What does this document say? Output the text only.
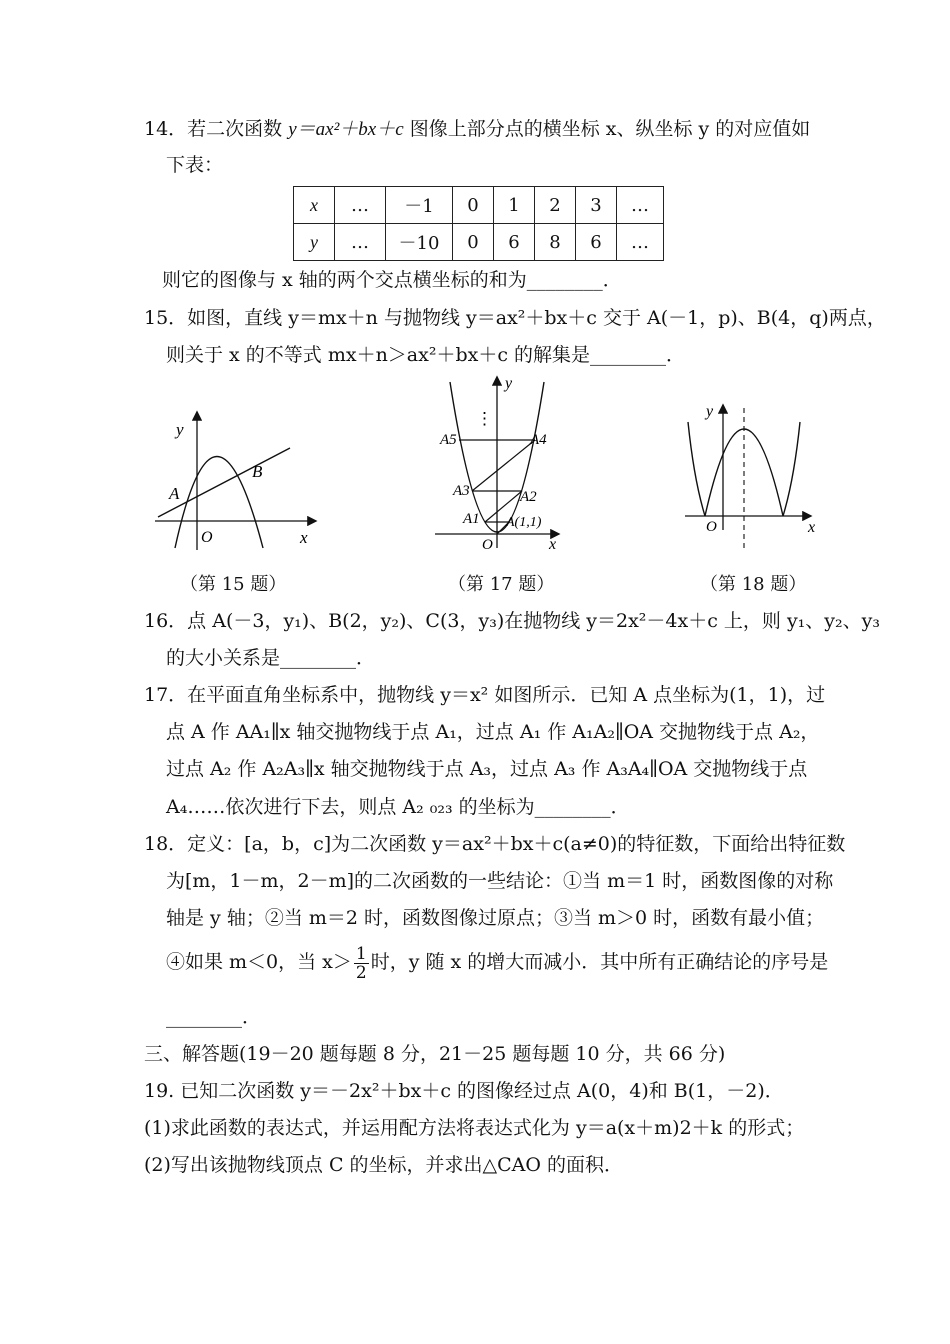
14．若二次函数 y＝ax²＋bx＋c 图像上部分点的横坐标 x、纵坐标 y 的对应值如
下表：
x	…	－1	0	1	2	3	…
y	…	－10	0	6	8	6	…
则它的图像与 x 轴的两个交点横坐标的和为________．
15．如图，直线 y＝mx＋n 与抛物线 y＝ax²＋bx＋c 交于 A(－1，p)、B(4，q)两点，
则关于 x 的不等式 mx＋n＞ax²＋bx＋c 的解集是________．
y
x
O
A
B
（第 15 题）
⋮
y
x
O
A5	A4
A3	A2
A1 A(1,1)
（第 17 题）
y
x
O
（第 18 题）
16．点 A(－3，y₁)、B(2，y₂)、C(3，y₃)在抛物线 y＝2x²－4x＋c 上，则 y₁、y₂、y₃
的大小关系是________．
17．在平面直角坐标系中，抛物线 y＝x² 如图所示．已知 A 点坐标为(1，1)，过
点 A 作 AA₁∥x 轴交抛物线于点 A₁，过点 A₁ 作 A₁A₂∥OA 交抛物线于点 A₂，
过点 A₂ 作 A₂A₃∥x 轴交抛物线于点 A₃，过点 A₃ 作 A₃A₄∥OA 交抛物线于点
A₄……依次进行下去，则点 A₂ ₀₂₃ 的坐标为________．
18．定义：[a，b，c]为二次函数 y＝ax²＋bx＋c(a≠0)的特征数，下面给出特征数
为[m，1－m，2－m]的二次函数的一些结论：①当 m＝1 时，函数图像的对称
轴是 y 轴；②当 m＝2 时，函数图像过原点；③当 m＞0 时，函数有最小值；
④如果 m＜0，当 $x> \frac{1}{2}$ 时，y 随 x 的增大而减小．其中所有正确结论的序号是
________．
三、解答题(19－20 题每题 8 分，21－25 题每题 10 分，共 66 分)
19. 已知二次函数 y＝－2x²＋bx＋c 的图像经过点 A(0，4)和 B(1，－2)．
(1)求此函数的表达式，并运用配方法将表达式化为 y＝a(x＋m)2＋k 的形式；
(2)写出该抛物线顶点 C 的坐标，并求出△CAO 的面积．
